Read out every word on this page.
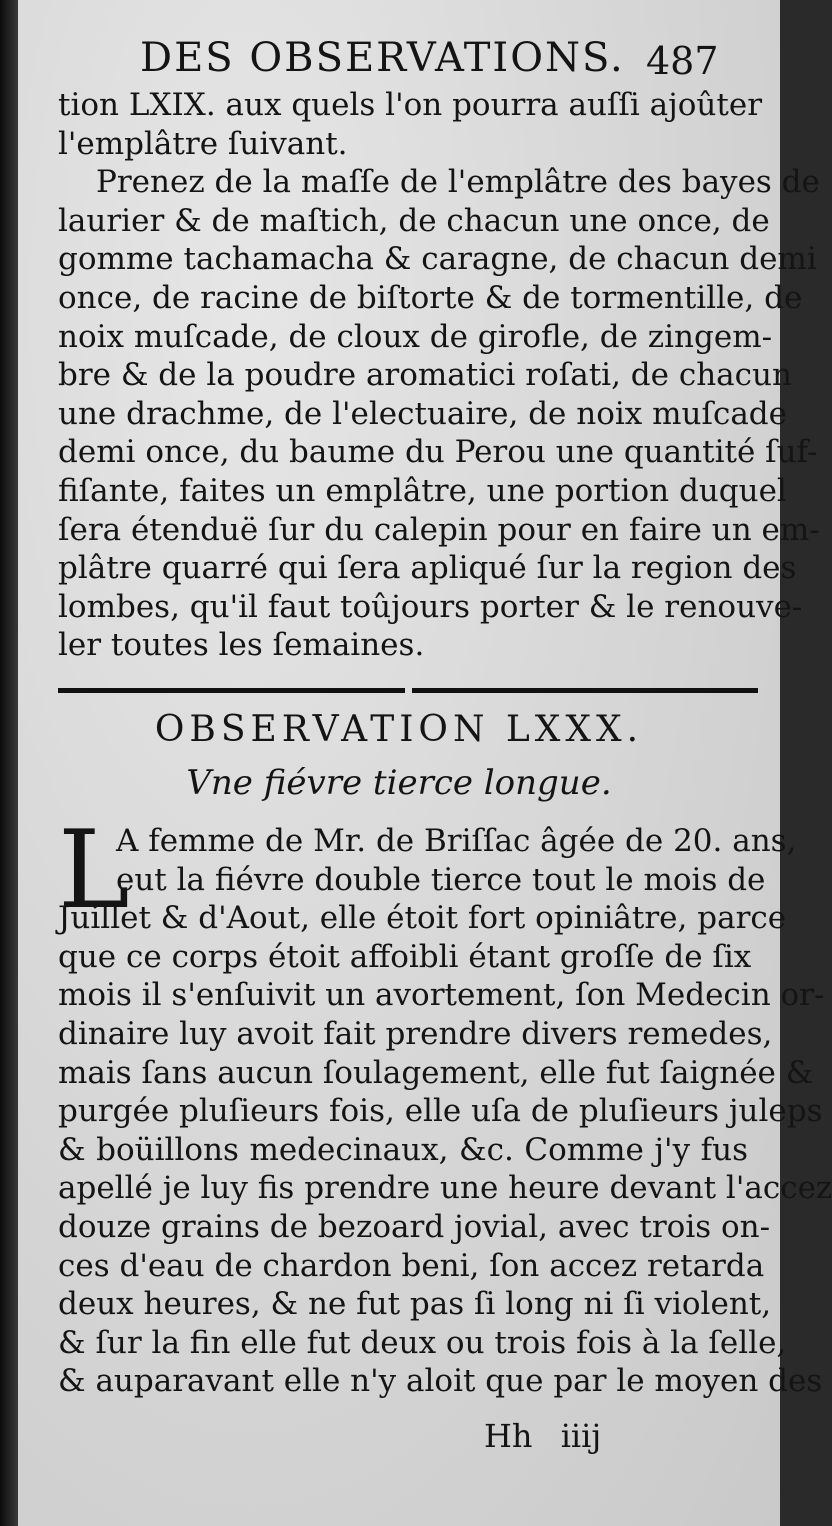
DES OBSERVATIONS. 487
tion LXIX. aux quels l'on pourra auſſi ajoûter
l'emplâtre ſuivant.
Prenez de la maſſe de l'emplâtre des bayes de
laurier & de maſtich, de chacun une once, de
gomme tachamacha & caragne, de chacun demi
once, de racine de biſtorte & de tormentille, de
noix muſcade, de cloux de girofle, de zingem-
bre & de la poudre aromatici roſati, de chacun
une drachme, de l'electuaire, de noix muſcade
demi once, du baume du Perou une quantité ſuf-
fiſante, faites un emplâtre, une portion duquel
ſera étenduë ſur du calepin pour en faire un em-
plâtre quarré qui ſera apliqué ſur la region des
lombes, qu'il faut toûjours porter & le renouve-
ler toutes les ſemaines.
OBSERVATION LXXX.
Vne fiévre tierce longue.
L
A femme de Mr. de Briſſac âgée de 20. ans,
eut la fiévre double tierce tout le mois de
Juillet & d'Aout, elle étoit fort opiniâtre, parce
que ce corps étoit affoibli étant groſſe de ſix
mois il s'enſuivit un avortement, ſon Medecin or-
dinaire luy avoit fait prendre divers remedes,
mais ſans aucun ſoulagement, elle fut ſaignée &
purgée pluſieurs fois, elle uſa de pluſieurs juleps
& boüillons medecinaux, &c. Comme j'y fus
apellé je luy fis prendre une heure devant l'accez
douze grains de bezoard jovial, avec trois on-
ces d'eau de chardon beni, ſon accez retarda
deux heures, & ne fut pas ſi long ni ſi violent,
& ſur la fin elle fut deux ou trois fois à la ſelle,
& auparavant elle n'y aloit que par le moyen des
Hh iiij
